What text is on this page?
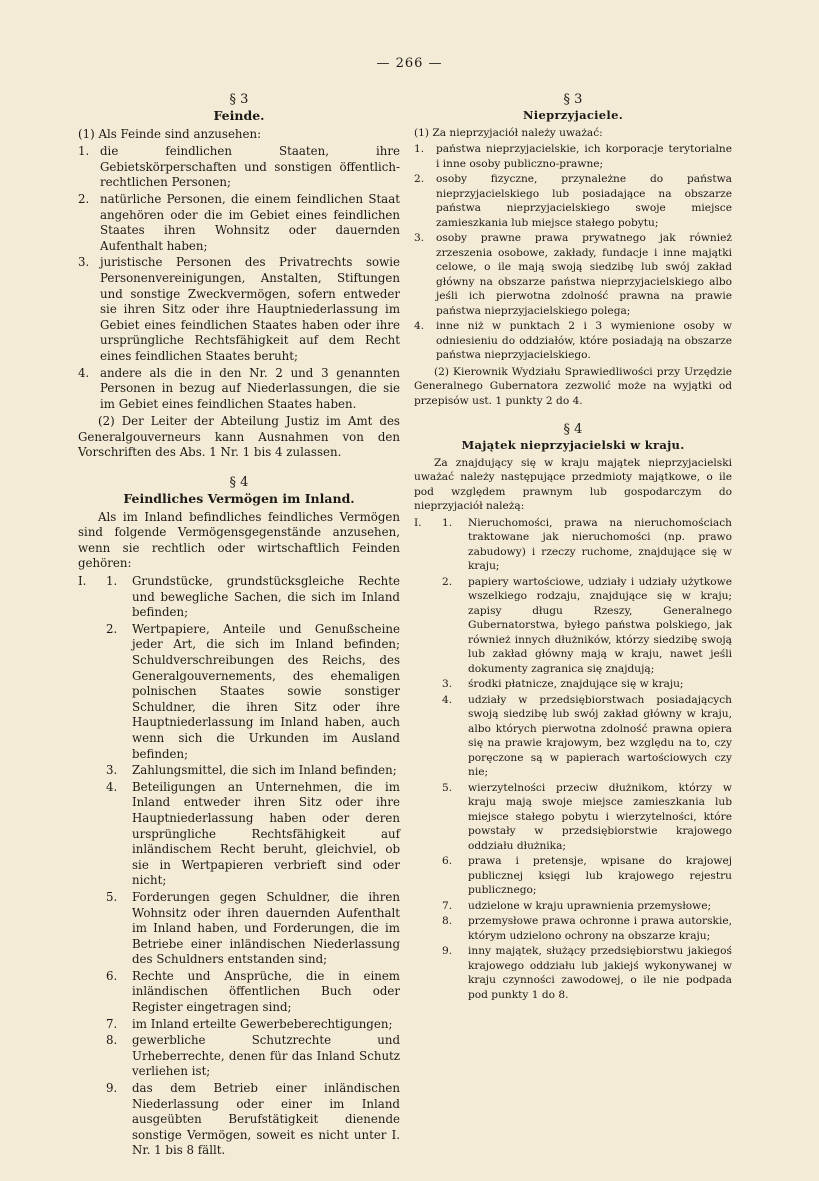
— 266 —

§ 3

Feinde.

(1) Als Feinde sind anzusehen:

1. die feindlichen Staaten, ihre Gebietskörperschaften und sonstigen öffentlich-rechtlichen Personen;
2. natürliche Personen, die einem feindlichen Staat angehören oder die im Gebiet eines feindlichen Staates ihren Wohnsitz oder dauernden Aufenthalt haben;
3. juristische Personen des Privatrechts sowie Personenvereinigungen, Anstalten, Stiftungen und sonstige Zweckvermögen, sofern entweder sie ihren Sitz oder ihre Hauptniederlassung im Gebiet eines feindlichen Staates haben oder ihre ursprüngliche Rechtsfähigkeit auf dem Recht eines feindlichen Staates beruht;
4. andere als die in den Nr. 2 und 3 genannten Personen in bezug auf Niederlassungen, die sie im Gebiet eines feindlichen Staates haben.

(2) Der Leiter der Abteilung Justiz im Amt des Generalgouverneurs kann Ausnahmen von den Vorschriften des Abs. 1 Nr. 1 bis 4 zulassen.

§ 4

Feindliches Vermögen im Inland.

Als im Inland befindliches feindliches Vermögen sind folgende Vermögensgegenstände anzusehen, wenn sie rechtlich oder wirtschaftlich Feinden gehören:

I. 1. Grundstücke, grundstücksgleiche Rechte und bewegliche Sachen, die sich im Inland befinden;
2. Wertpapiere, Anteile und Genußscheine jeder Art, die sich im Inland befinden; Schuldverschreibungen des Reichs, des Generalgouvernements, des ehemaligen polnischen Staates sowie sonstiger Schuldner, die ihren Sitz oder ihre Hauptniederlassung im Inland haben, auch wenn sich die Urkunden im Ausland befinden;
3. Zahlungsmittel, die sich im Inland befinden;
4. Beteiligungen an Unternehmen, die im Inland entweder ihren Sitz oder ihre Hauptniederlassung haben oder deren ursprüngliche Rechtsfähigkeit auf inländischem Recht beruht, gleichviel, ob sie in Wertpapieren verbrieft sind oder nicht;
5. Forderungen gegen Schuldner, die ihren Wohnsitz oder ihren dauernden Aufenthalt im Inland haben, und Forderungen, die im Betriebe einer inländischen Niederlassung des Schuldners entstanden sind;
6. Rechte und Ansprüche, die in einem inländischen öffentlichen Buch oder Register eingetragen sind;
7. im Inland erteilte Gewerbeberechtigungen;
8. gewerbliche Schutzrechte und Urheberrechte, denen für das Inland Schutz verliehen ist;
9. das dem Betrieb einer inländischen Niederlassung oder einer im Inland ausgeübten Berufstätigkeit dienende sonstige Vermögen, soweit es nicht unter I. Nr. 1 bis 8 fällt.

§ 3

Nieprzyjaciele.

(1) Za nieprzyjaciół należy uważać:

1. państwa nieprzyjacielskie, ich korporacje terytorialne i inne osoby publiczno-prawne;
2. osoby fizyczne, przynależne do państwa nieprzyjacielskiego lub posiadające na obszarze państwa nieprzyjacielskiego swoje miejsce zamieszkania lub miejsce stałego pobytu;
3. osoby prawne prawa prywatnego jak również zrzeszenia osobowe, zakłady, fundacje i inne majątki celowe, o ile mają swoją siedzibę lub swój zakład główny na obszarze państwa nieprzyjacielskiego albo jeśli ich pierwotna zdolność prawna na prawie państwa nieprzyjacielskiego polega;
4. inne niż w punktach 2 i 3 wymienione osoby w odniesieniu do oddziałów, które posiadają na obszarze państwa nieprzyjacielskiego.

(2) Kierownik Wydziału Sprawiedliwości przy Urzędzie Generalnego Gubernatora zezwolić może na wyjątki od przepisów ust. 1 punkty 2 do 4.

§ 4

Majątek nieprzyjacielski w kraju.

Za znajdujący się w kraju majątek nieprzyjacielski uważać należy następujące przedmioty majątkowe, o ile pod względem prawnym lub gospodarczym do nieprzyjaciół należą:

I. 1. Nieruchomości, prawa na nieruchomościach traktowane jak nieruchomości (np. prawo zabudowy) i rzeczy ruchome, znajdujące się w kraju;
2. papiery wartościowe, udziały i udziały użytkowe wszelkiego rodzaju, znajdujące się w kraju; zapisy długu Rzeszy, Generalnego Gubernatorstwa, byłego państwa polskiego, jak również innych dłużników, którzy siedzibę swoją lub zakład główny mają w kraju, nawet jeśli dokumenty zagranica się znajdują;
3. środki płatnicze, znajdujące się w kraju;
4. udziały w przedsiębiorstwach posiadających swoją siedzibę lub swój zakład główny w kraju, albo których pierwotna zdolność prawna opiera się na prawie krajowym, bez względu na to, czy poręczone są w papierach wartościowych czy nie;
5. wierzytelności przeciw dłużnikom, którzy w kraju mają swoje miejsce zamieszkania lub miejsce stałego pobytu i wierzytelności, które powstały w przedsiębiorstwie krajowego oddziału dłużnika;
6. prawa i pretensje, wpisane do krajowej publicznej księgi lub krajowego rejestru publicznego;
7. udzielone w kraju uprawnienia przemysłowe;
8. przemysłowe prawa ochronne i prawa autorskie, którym udzielono ochrony na obszarze kraju;
9. inny majątek, służący przedsiębiorstwu jakiegoś krajowego oddziału lub jakiejś wykonywanej w kraju czynności zawodowej, o ile nie podpada pod punkty 1 do 8.
